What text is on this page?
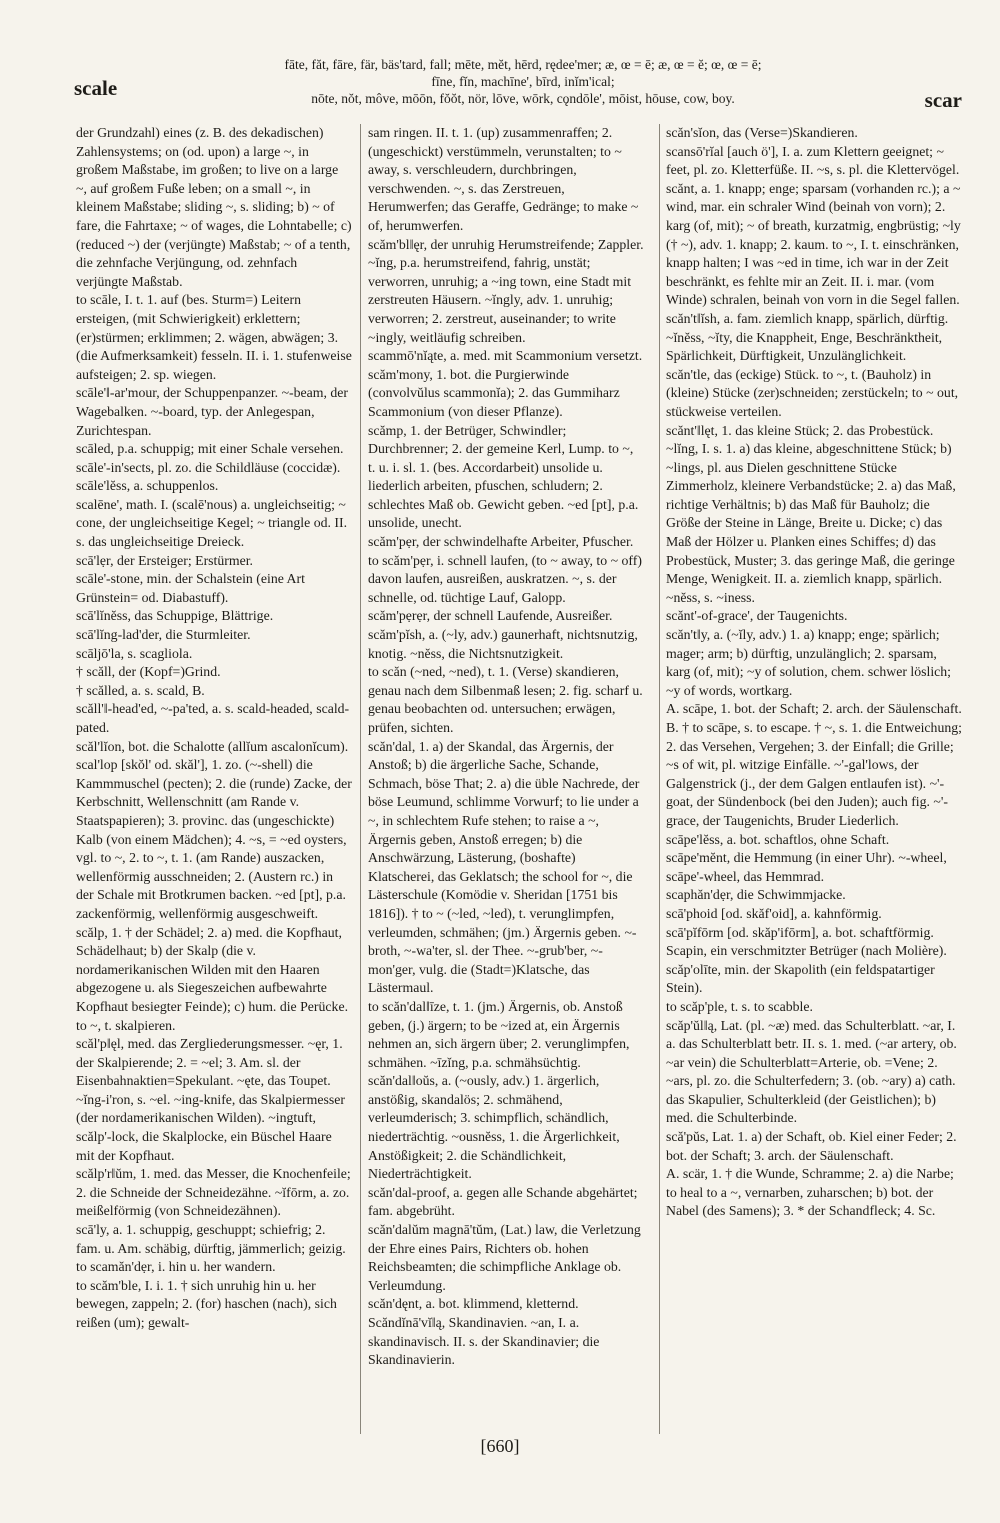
scale	scar
fāte, făt, fāre, fär, bäs'tard, fall; mēte, mĕt, hērd, rędee'mer; æ, œ = ē; æ, œ = ĕ; œ, œ = ē;
fīne, fĭn, machīne', bīrd, inĭm'ical;
nōte, nŏt, môve, mōōn, fŏŏt, nör, lōve, wōrk, cǫndōle', mōist, hōuse, cow, boy.

der Grundzahl) eines (z. B. des dekadischen) Zahlensystems; on (od. upon) a large ~, in großem Maßstabe, im großen; to live on a large ~, auf großem Fuße leben; on a small ~, in kleinem Maßstabe; sliding ~, s. sliding; b) ~ of fare, die Fahrtaxe; ~ of wages, die Lohntabelle; c) (reduced ~) der (verjüngte) Maßstab; ~ of a tenth, die zehnfache Verjüngung, od. zehnfach verjüngte Maßstab.

to scāle, I. t. 1. auf (bes. Sturm=) Leitern ersteigen, (mit Schwierigkeit) erklettern; (er)stürmen; erklimmen; 2. wägen, abwägen; 3. (die Aufmerksamkeit) fesseln. II. i. 1. stufenweise aufsteigen; 2. sp. wiegen.

scāle'‖-ar'mour, der Schuppenpanzer. ~-beam, der Wagebalken. ~-board, typ. der Anlegespan, Zurichtespan.

scāled, p.a. schuppig; mit einer Schale versehen.

scāle'-in'sects, pl. zo. die Schildläuse (coccidæ).

scāle'lĕss, a. schuppenlos.

scalēne', math. I. (scalē'nous) a. ungleichseitig; ~ cone, der ungleichseitige Kegel; ~ triangle od. II. s. das ungleichseitige Dreieck.

scā'lẹr, der Ersteiger; Erstürmer.

scāle'-stone, min. der Schalstein (eine Art Grünstein= od. Diabastuff).

scā'lĭnĕss, das Schuppige, Blättrige.

scā'lĭng-lad'der, die Sturmleiter.

scāljō'la, s. scagliola.

† scăll, der (Kopf=)Grind.

† scălled, a. s. scald, B.

scăll'‖-head'ed, ~-pa'ted, a. s. scald-headed, scald-pated.

scăl'lĭon, bot. die Schalotte (allĭum ascalonĭcum).

scal'lop [skŏl' od. skăl'], 1. zo. (~-shell) die Kammmuschel (pecten); 2. die (runde) Zacke, der Kerbschnitt, Wellenschnitt (am Rande v. Staatspapieren); 3. provinc. das (ungeschickte) Kalb (von einem Mädchen); 4. ~s, = ~ed oysters, vgl. to ~, 2. to ~, t. 1. (am Rande) auszacken, wellenförmig ausschneiden; 2. (Austern rc.) in der Schale mit Brotkrumen backen. ~ed [pt], p.a. zackenförmig, wellenförmig ausgeschweift.

scălp, 1. † der Schädel; 2. a) med. die Kopfhaut, Schädelhaut; b) der Skalp (die v. nordamerikanischen Wilden mit den Haaren abgezogene u. als Siegeszeichen aufbewahrte Kopfhaut besiegter Feinde); c) hum. die Perücke. to ~, t. skalpieren.

scăl'p‖ęl, med. das Zergliederungsmesser. ~ęr, 1. der Skalpierende; 2. = ~el; 3. Am. sl. der Eisenbahnaktien=Spekulant. ~ęte, das Toupet. ~ĭng-i'ron, s. ~el. ~ing-knife, das Skalpiermesser (der nordamerikanischen Wilden). ~ingtuft, scălp'-lock, die Skalplocke, ein Büschel Haare mit der Kopfhaut.

scălp'r‖ŭm, 1. med. das Messer, die Knochenfeile; 2. die Schneide der Schneidezähne. ~ĭfōrm, a. zo. meißelförmig (von Schneidezähnen).

scā'ly, a. 1. schuppig, geschuppt; schiefrig; 2. fam. u. Am. schäbig, dürftig, jämmerlich; geizig.

to scamăn'dẹr, i. hin u. her wandern.

to scăm'ble, I. i. 1. † sich unruhig hin u. her bewegen, zappeln; 2. (for) haschen (nach), sich reißen (um); gewalt-

sam ringen. II. t. 1. (up) zusammenraffen; 2. (ungeschickt) verstümmeln, verunstalten; to ~ away, s. verschleudern, durchbringen, verschwenden. ~, s. das Zerstreuen, Herumwerfen; das Geraffe, Gedränge; to make ~ of, herumwerfen.

scăm'bl‖ęr, der unruhig Herumstreifende; Zappler. ~ĭng, p.a. herumstreifend, fahrig, unstät; verworren, unruhig; a ~ing town, eine Stadt mit zerstreuten Häusern. ~ĭngly, adv. 1. unruhig; verworren; 2. zerstreut, auseinander; to write ~ingly, weitläufig schreiben.

scammō'nĭąte, a. med. mit Scammonium versetzt.

scăm'mony, 1. bot. die Purgierwinde (convolvŭlus scammonĭa); 2. das Gummiharz Scammonium (von dieser Pflanze).

scămp, 1. der Betrüger, Schwindler; Durchbrenner; 2. der gemeine Kerl, Lump. to ~, t. u. i. sl. 1. (bes. Accordarbeit) unsolide u. liederlich arbeiten, pfuschen, schludern; 2. schlechtes Maß ob. Gewicht geben. ~ed [pt], p.a. unsolide, unecht.

scăm'pẹr, der schwindelhafte Arbeiter, Pfuscher.

to scăm'pẹr, i. schnell laufen, (to ~ away, to ~ off) davon laufen, ausreißen, auskratzen. ~, s. der schnelle, od. tüchtige Lauf, Galopp.

scăm'pẹrẹr, der schnell Laufende, Ausreißer.

scăm'pĭsh, a. (~ly, adv.) gaunerhaft, nichtsnutzig, knotig. ~nĕss, die Nichtsnutzigkeit.

to scăn (~ned, ~ned), t. 1. (Verse) skandieren, genau nach dem Silbenmaß lesen; 2. fig. scharf u. genau beobachten od. untersuchen; erwägen, prüfen, sichten.

scăn'dal, 1. a) der Skandal, das Ärgernis, der Anstoß; b) die ärgerliche Sache, Schande, Schmach, böse That; 2. a) die üble Nachrede, der böse Leumund, schlimme Vorwurf; to lie under a ~, in schlechtem Rufe stehen; to raise a ~, Ärgernis geben, Anstoß erregen; b) die Anschwärzung, Lästerung, (boshafte) Klatscherei, das Geklatsch; the school for ~, die Lästerschule (Komödie v. Sheridan [1751 bis 1816]). † to ~ (~led, ~led), t. verunglimpfen, verleumden, schmähen; (jm.) Ärgernis geben. ~-broth, ~-wa'ter, sl. der Thee. ~-grub'ber, ~-mon'ger, vulg. die (Stadt=)Klatsche, das Lästermaul.

to scăn'dal‖īze, t. 1. (jm.) Ärgernis, ob. Anstoß geben, (j.) ärgern; to be ~ized at, ein Ärgernis nehmen an, sich ärgern über; 2. verunglimpfen, schmähen. ~īzĭng, p.a. schmähsüchtig.

scăn'dal‖oŭs, a. (~ously, adv.) 1. ärgerlich, anstößig, skandalös; 2. schmähend, verleumderisch; 3. schimpflich, schändlich, niederträchtig. ~ousnĕss, 1. die Ärgerlichkeit, Anstößigkeit; 2. die Schändlichkeit, Niederträchtigkeit.

scăn'dal-proof, a. gegen alle Schande abgehärtet; fam. abgebrüht.

scăn'dalŭm magnā'tŭm, (Lat.) law, die Verletzung der Ehre eines Pairs, Richters ob. hohen Reichsbeamten; die schimpfliche Anklage ob. Verleumdung.

scăn'dęnt, a. bot. klimmend, kletternd.

Scăndĭnā'vĭ‖ą, Skandinavien. ~an, I. a. skandinavisch. II. s. der Skandinavier; die Skandinavierin.

scăn'sĭon, das (Verse=)Skandieren.

scansō'rĭal [auch ö'], I. a. zum Klettern geeignet; ~ feet, pl. zo. Kletterfüße. II. ~s, s. pl. die Klettervögel.

scănt, a. 1. knapp; enge; sparsam (vorhanden rc.); a ~ wind, mar. ein schraler Wind (beinah von vorn); 2. karg (of, mit); ~ of breath, kurzatmig, engbrüstig; ~ly († ~), adv. 1. knapp; 2. kaum. to ~, I. t. einschränken, knapp halten; I was ~ed in time, ich war in der Zeit beschränkt, es fehlte mir an Zeit. II. i. mar. (vom Winde) schralen, beinah von vorn in die Segel fallen.

scăn't‖ĭsh, a. fam. ziemlich knapp, spärlich, dürftig. ~ĭnĕss, ~ĭty, die Knappheit, Enge, Beschränktheit, Spärlichkeit, Dürftigkeit, Unzulänglichkeit.

scăn'tle, das (eckige) Stück. to ~, t. (Bauholz) in (kleine) Stücke (zer)schneiden; zerstückeln; to ~ out, stückweise verteilen.

scănt'‖lęt, 1. das kleine Stück; 2. das Probestück. ~lĭng, I. s. 1. a) das kleine, abgeschnittene Stück; b) ~lings, pl. aus Dielen geschnittene Stücke Zimmerholz, kleinere Verbandstücke; 2. a) das Maß, richtige Verhältnis; b) das Maß für Bauholz; die Größe der Steine in Länge, Breite u. Dicke; c) das Maß der Hölzer u. Planken eines Schiffes; d) das Probestück, Muster; 3. das geringe Maß, die geringe Menge, Wenigkeit. II. a. ziemlich knapp, spärlich. ~nĕss, s. ~iness.

scănt'-of-grace', der Taugenichts.

scăn't‖y, a. (~ĭly, adv.) 1. a) knapp; enge; spärlich; mager; arm; b) dürftig, unzulänglich; 2. sparsam, karg (of, mit); ~y of solution, chem. schwer löslich; ~y of words, wortkarg.

A. scāpe, 1. bot. der Schaft; 2. arch. der Säulenschaft.

B. † to scāpe, s. to escape. † ~, s. 1. die Entweichung; 2. das Versehen, Vergehen; 3. der Einfall; die Grille; ~s of wit, pl. witzige Einfälle. ~'-gal'lows, der Galgenstrick (j., der dem Galgen entlaufen ist). ~'-goat, der Sündenbock (bei den Juden); auch fig. ~'-grace, der Taugenichts, Bruder Liederlich.

scāpe'lĕss, a. bot. schaftlos, ohne Schaft.

scāpe'mĕnt, die Hemmung (in einer Uhr). ~-wheel, scāpe'-wheel, das Hemmrad.

scaphăn'dẹr, die Schwimmjacke.

scā'phoid [od. skăf'oid], a. kahnförmig.

scā'pĭfōrm [od. skăp'ifōrm], a. bot. schaftförmig.

Scapin, ein verschmitzter Betrüger (nach Molière).

scăp'olīte, min. der Skapolith (ein feldspatartiger Stein).

to scăp'ple, t. s. to scabble.

scăp'ŭl‖ą, Lat. (pl. ~æ) med. das Schulterblatt. ~ar, I. a. das Schulterblatt betr. II. s. 1. med. (~ar artery, ob. ~ar vein) die Schulterblatt=Arterie, ob. =Vene; 2. ~ars, pl. zo. die Schulterfedern; 3. (ob. ~ary) a) cath. das Skapulier, Schulterkleid (der Geistlichen); b) med. die Schulterbinde.

scă'pŭs, Lat. 1. a) der Schaft, ob. Kiel einer Feder; 2. bot. der Schaft; 3. arch. der Säulenschaft.

A. scär, 1. † die Wunde, Schramme; 2. a) die Narbe; to heal to a ~, vernarben, zuharschen; b) bot. der Nabel (des Samens); 3. * der Schandfleck; 4. Sc.

[660]
